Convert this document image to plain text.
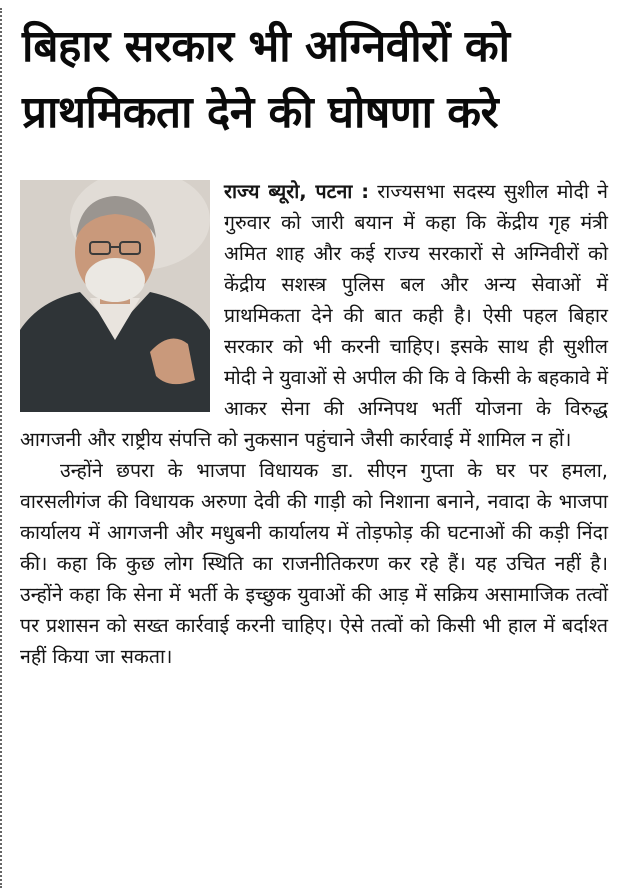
बिहार सरकार भी अग्निवीरों को प्राथमिकता देने की घोषणा करे

राज्य ब्यूरो, पटना : राज्यसभा सदस्य सुशील मोदी ने गुरुवार को जारी बयान में कहा कि केंद्रीय गृह मंत्री अमित शाह और कई राज्य सरकारों से अग्निवीरों को केंद्रीय सशस्त्र पुलिस बल और अन्य सेवाओं में प्राथमिकता देने की बात कही है। ऐसी पहल बिहार सरकार को भी करनी चाहिए। इसके साथ ही सुशील मोदी ने युवाओं से अपील की कि वे किसी के बहकावे में आकर सेना की अग्निपथ भर्ती योजना के विरुद्ध आगजनी और राष्ट्रीय संपत्ति को नुकसान पहुंचाने जैसी कार्रवाई में शामिल न हों।

उन्होंने छपरा के भाजपा विधायक डा. सीएन गुप्ता के घर पर हमला, वारसलीगंज की विधायक अरुणा देवी की गाड़ी को निशाना बनाने, नवादा के भाजपा कार्यालय में आगजनी और मधुबनी कार्यालय में तोड़फोड़ की घटनाओं की कड़ी निंदा की। कहा कि कुछ लोग स्थिति का राजनीतिकरण कर रहे हैं। यह उचित नहीं है। उन्होंने कहा कि सेना में भर्ती के इच्छुक युवाओं की आड़ में सक्रिय असामाजिक तत्वों पर प्रशासन को सख्त कार्रवाई करनी चाहिए। ऐसे तत्वों को किसी भी हाल में बर्दाश्त नहीं किया जा सकता।
